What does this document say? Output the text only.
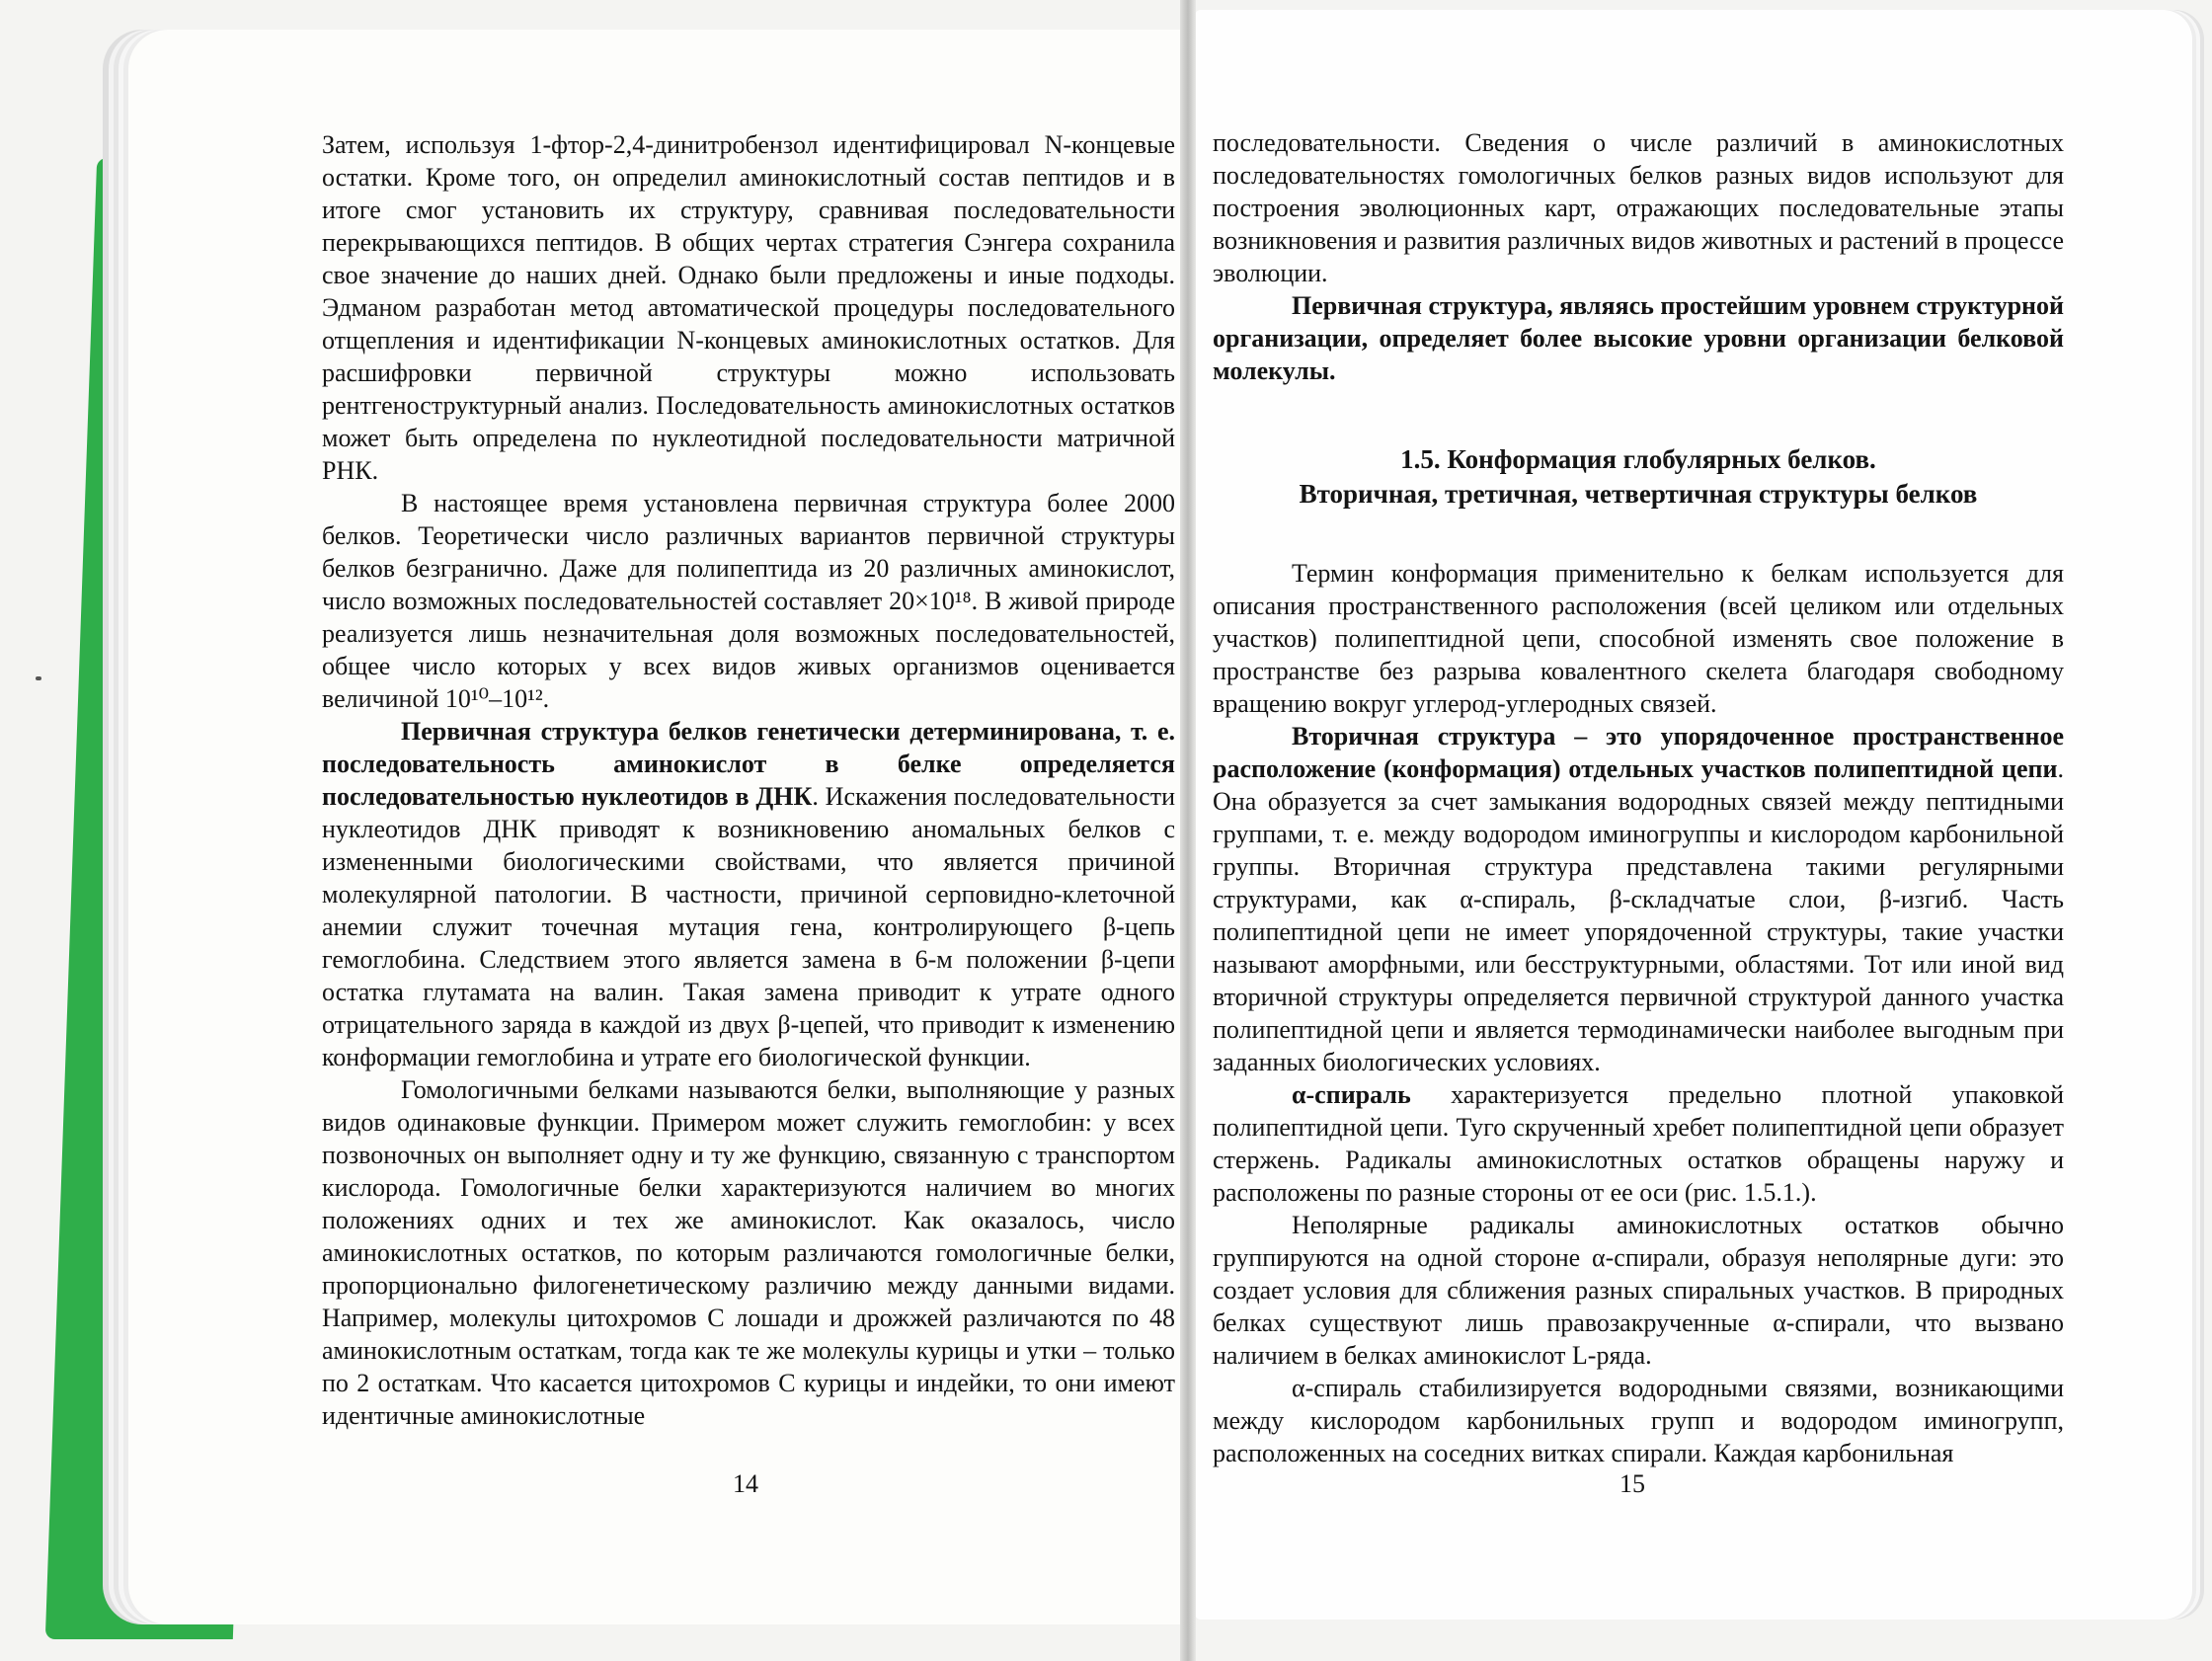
Затем, используя 1-фтор-2,4-динитробензол идентифицировал N-концевые остатки. Кроме того, он определил аминокислотный состав пептидов и в итоге смог установить их структуру, сравнивая последовательности перекрывающихся пептидов. В общих чертах стратегия Сэнгера сохранила свое значение до наших дней. Однако были предложены и иные подходы. Эдманом разработан метод автоматической процедуры последовательного отщепления и идентификации N-концевых аминокислотных остатков. Для расшифровки первичной структуры можно использовать рентгеноструктурный анализ. Последовательность аминокислотных остатков может быть определена по нуклеотидной последовательности матричной РНК.

В настоящее время установлена первичная структура более 2000 белков. Теоретически число различных вариантов первичной структуры белков безгранично. Даже для полипептида из 20 различных аминокислот, число возможных последовательностей составляет 20×10¹⁸. В живой природе реализуется лишь незначительная доля возможных последовательностей, общее число которых у всех видов живых организмов оценивается величиной 10¹⁰–10¹².

Первичная структура белков генетически детерминирована, т. е. последовательность аминокислот в белке определяется последовательностью нуклеотидов в ДНК. Искажения последовательности нуклеотидов ДНК приводят к возникновению аномальных белков с измененными биологическими свойствами, что является причиной молекулярной патологии. В частности, причиной серповидно-клеточной анемии служит точечная мутация гена, контролирующего β-цепь гемоглобина. Следствием этого является замена в 6-м положении β-цепи остатка глутамата на валин. Такая замена приводит к утрате одного отрицательного заряда в каждой из двух β-цепей, что приводит к изменению конформации гемоглобина и утрате его биологической функции.

Гомологичными белками называются белки, выполняющие у разных видов одинаковые функции. Примером может служить гемоглобин: у всех позвоночных он выполняет одну и ту же функцию, связанную с транспортом кислорода. Гомологичные белки характеризуются наличием во многих положениях одних и тех же аминокислот. Как оказалось, число аминокислотных остатков, по которым различаются гомологичные белки, пропорционально филогенетическому различию между данными видами. Например, молекулы цитохромов С лошади и дрожжей различаются по 48 аминокислотным остаткам, тогда как те же молекулы курицы и утки – только по 2 остаткам. Что касается цитохромов С курицы и индейки, то они имеют идентичные аминокислотные

14

последовательности. Сведения о числе различий в аминокислотных последовательностях гомологичных белков разных видов используют для построения эволюционных карт, отражающих последовательные этапы возникновения и развития различных видов животных и растений в процессе эволюции.

Первичная структура, являясь простейшим уровнем структурной организации, определяет более высокие уровни организации белковой молекулы.

1.5. Конформация глобулярных белков.
Вторичная, третичная, четвертичная структуры белков

Термин конформация применительно к белкам используется для описания пространственного расположения (всей целиком или отдельных участков) полипептидной цепи, способной изменять свое положение в пространстве без разрыва ковалентного скелета благодаря свободному вращению вокруг углерод-углеродных связей.

Вторичная структура – это упорядоченное пространственное расположение (конформация) отдельных участков полипептидной цепи. Она образуется за счет замыкания водородных связей между пептидными группами, т. е. между водородом иминогруппы и кислородом карбонильной группы. Вторичная структура представлена такими регулярными структурами, как α-спираль, β-складчатые слои, β-изгиб. Часть полипептидной цепи не имеет упорядоченной структуры, такие участки называют аморфными, или бесструктурными, областями. Тот или иной вид вторичной структуры определяется первичной структурой данного участка полипептидной цепи и является термодинамически наиболее выгодным при заданных биологических условиях.

α-спираль характеризуется предельно плотной упаковкой полипептидной цепи. Туго скрученный хребет полипептидной цепи образует стержень. Радикалы аминокислотных остатков обращены наружу и расположены по разные стороны от ее оси (рис. 1.5.1.).

Неполярные радикалы аминокислотных остатков обычно группируются на одной стороне α-спирали, образуя неполярные дуги: это создает условия для сближения разных спиральных участков. В природных белках существуют лишь правозакрученные α-спирали, что вызвано наличием в белках аминокислот L-ряда.

α-спираль стабилизируется водородными связями, возникающими между кислородом карбонильных групп и водородом иминогрупп, расположенных на соседних витках спирали. Каждая карбонильная

15
